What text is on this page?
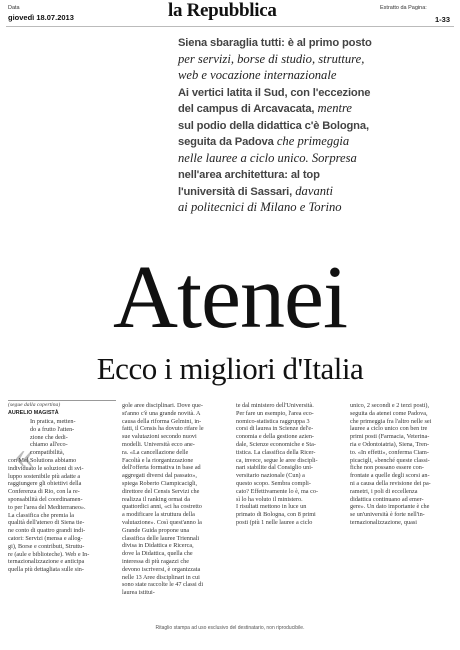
Data
giovedì 18.07.2013	la Repubblica	Estratto da Pagina:
1-33
Siena sbaraglia tutti: è al primo posto
per servizi, borse di studio, strutture,
web e vocazione internazionale
Ai vertici latita il Sud, con l'eccezione
del campus di Arcavacata, mentre
sul podio della didattica c'è Bologna,
seguita da Padova che primeggia
nelle lauree a ciclo unico. Sorpresa
nell'area architettura: al top
l'università di Sassari, davanti
ai politecnici di Milano e Torino
Atenei
Ecco i migliori d'Italia
(segue dalla copertina)
AURELIO MAGISTÀ
«
In pratica, metten-
do a frutto l'atten-
zione che dedi-
chiamo all'eco-
compatibilità,
con Mel Solutions abbiamo
individuato le soluzioni di svi-
luppo sostenibile più adatte a
raggiungere gli obiettivi della
Conferenza di Rio, con la re-
sponsabilità del coordinamen-
to per l'area del Mediterraneo».
La classifica che premia la
qualità dell'ateneo di Siena tie-
ne conto di quattro grandi indi-
catori: Servizi (mensa e allog-
gi), Borse e contributi, Struttu-
re (aule e biblioteche). Web e In-
ternazionalizzazione e anticipa
quella più dettagliata sulle sin-
gole aree disciplinari. Dove que-
st'anno c'è una grande novità. A
causa della riforma Gelmini, in-
fatti, il Censis ha dovuto rifare le
sue valutazioni secondo nuovi
modelli. Università ecco ane-
ra. «La cancellazione delle
Facoltà e la riorganizzazione
dell'offerta formativa in base ad
aggregati diversi dal passato»,
spiega Roberto Ciampicacigli,
direttore del Censis Servizi che
realizza il ranking ormai da
quattordici anni, «ci ha costretto
a modificare la struttura della
valutazione». Così quest'anno la
Grande Guida propone una
classifica delle lauree Triennali
divisa in Didattica e Ricerca,
dove la Didattica, quella che
interessa di più ragazzi che
devono iscriversi, è organizzata
nelle 13 Aree disciplinari in cui
sono state raccolte le 47 classi di
laurea istitui-
te dal ministero dell'Università.
Per fare un esempio, l'area eco-
nomico-statistica raggruppa 3
corsi di laurea in Scienze del'e-
conomia e della gestione azien-
dale, Scienze economiche e Sta-
tistica. La classifica della Ricer-
ca, invece, segue le aree discipli-
nari stabilite dal Consiglio uni-
versitario nazionale (Cun) a
questo scopo. Sembra compli-
cato? Effettivamente lo è, ma co-
sì lo ha voluto il ministero.
I risultati mettono in luce un
primato di Bologna, con 8 primi
posti (più 1 nelle lauree a ciclo
unico, 2 secondi e 2 terzi posti),
seguita da atenei come Padova,
che primeggia fra l'altro nelle sei
lauree a ciclo unico con ben tre
primi posti (Farmacia, Veterina-
ria e Odontoiatria), Siena, Tren-
to. «In effetti», conferma Ciam-
picacigli, «benché queste classi-
fiche non possano essere con-
frontate a quelle degli scorsi an-
ni a causa della revisione dei pa-
rametri, i poli di eccellenza
didattica continuano ad emer-
gere». Un dato importante è che
se un'università è forte nell'in-
ternazionalizzazione, quasi
Ritaglio stampa ad uso esclusivo del destinatario, non riproducibile.
